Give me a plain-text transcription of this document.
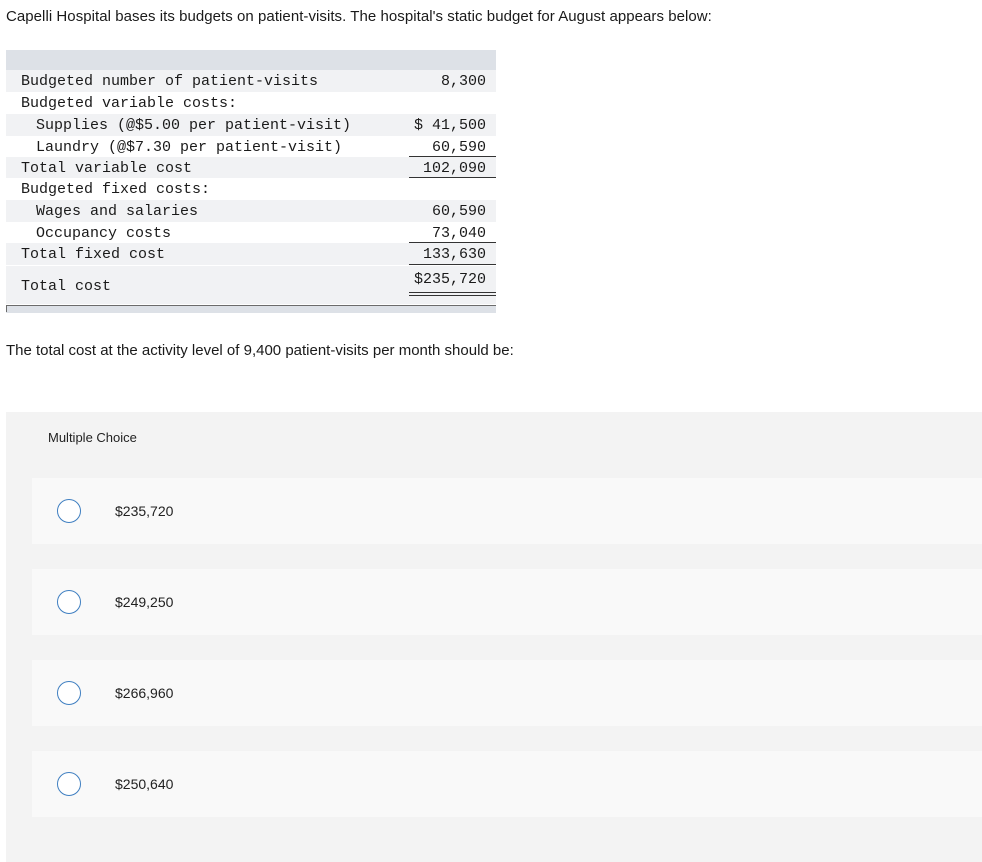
Capelli Hospital bases its budgets on patient-visits. The hospital's static budget for August appears below:
Budgeted number of patient-visits	8,300
Budgeted variable costs:
Supplies (@$5.00 per patient-visit)	$ 41,500
Laundry (@$7.30 per patient-visit)	60,590
Total variable cost	102,090
Budgeted fixed costs:
Wages and salaries	60,590
Occupancy costs	73,040
Total fixed cost	133,630
Total cost	$235,720
The total cost at the activity level of 9,400 patient-visits per month should be:
Multiple Choice
$235,720
$249,250
$266,960
$250,640
